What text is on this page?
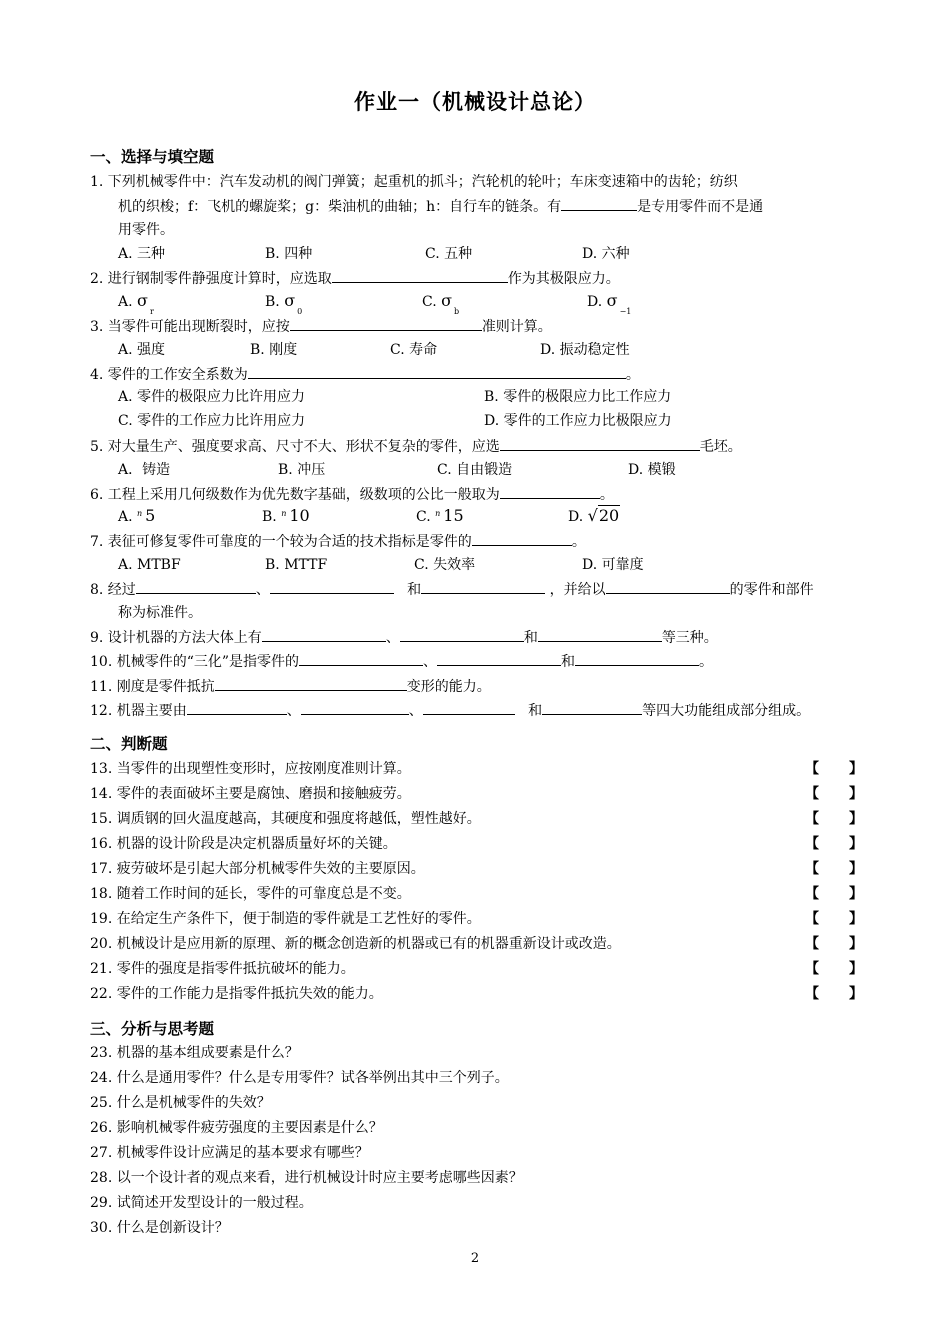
作业一（机械设计总论）
一、选择与填空题
1. 下列机械零件中：汽车发动机的阀门弹簧；起重机的抓斗；汽轮机的轮叶；车床变速箱中的齿轮；纺织
机的织梭；f：飞机的螺旋桨；g：柴油机的曲轴；h：自行车的链条。有	是专用零件而不是通
用零件。
A. 三种	B. 四种	C. 五种	D. 六种
2. 进行钢制零件静强度计算时，应选取	作为其极限应力。
A. $\sigma_r$
B. $\sigma_0$
C. $\sigma_b$
D. $\sigma_{-1}$
3. 当零件可能出现断裂时，应按	准则计算。
A. 强度	B. 刚度	C. 寿命	D. 振动稳定性
4. 零件的工作安全系数为	。
A. 零件的极限应力比许用应力	B. 零件的极限应力比工作应力
C. 零件的工作应力比许用应力	D. 零件的工作应力比极限应力
5. 对大量生产、强度要求高、尺寸不大、形状不复杂的零件，应选	毛坯。
A．铸造	B. 冲压	C. 自由锻造	D. 模锻
6. 工程上采用几何级数作为优先数字基础，级数项的公比一般取为	。
A. $^n$ 5	B. $^n$ 10	C. $^n$ 15	D. √20
7. 表征可修复零件可靠度的一个较为合适的技术指标是零件的	。
A. MTBF	B. MTTF	C. 失效率	D. 可靠度
8. 经过	、	和	，并给以	的零件和部件
称为标准件。
9. 设计机器的方法大体上有	、	和	等三种。
10. 机械零件的“三化”是指零件的	、	和	。
11. 刚度是零件抵抗	变形的能力。
12. 机器主要由	、	、	和	等四大功能组成部分组成。
二、判断题
13. 当零件的出现塑性变形时，应按刚度准则计算。	【 】
14. 零件的表面破坏主要是腐蚀、磨损和接触疲劳。	【 】
15. 调质钢的回火温度越高，其硬度和强度将越低，塑性越好。	【 】
16. 机器的设计阶段是决定机器质量好坏的关键。	【 】
17. 疲劳破坏是引起大部分机械零件失效的主要原因。	【 】
18. 随着工作时间的延长，零件的可靠度总是不变。	【 】
19. 在给定生产条件下，便于制造的零件就是工艺性好的零件。	【 】
20. 机械设计是应用新的原理、新的概念创造新的机器或已有的机器重新设计或改造。	【 】
21. 零件的强度是指零件抵抗破坏的能力。	【 】
22. 零件的工作能力是指零件抵抗失效的能力。	【 】
三、分析与思考题
23. 机器的基本组成要素是什么？
24. 什么是通用零件？什么是专用零件？试各举例出其中三个列子。
25. 什么是机械零件的失效？
26. 影响机械零件疲劳强度的主要因素是什么？
27. 机械零件设计应满足的基本要求有哪些？
28. 以一个设计者的观点来看，进行机械设计时应主要考虑哪些因素？
29. 试简述开发型设计的一般过程。
30. 什么是创新设计？
2
